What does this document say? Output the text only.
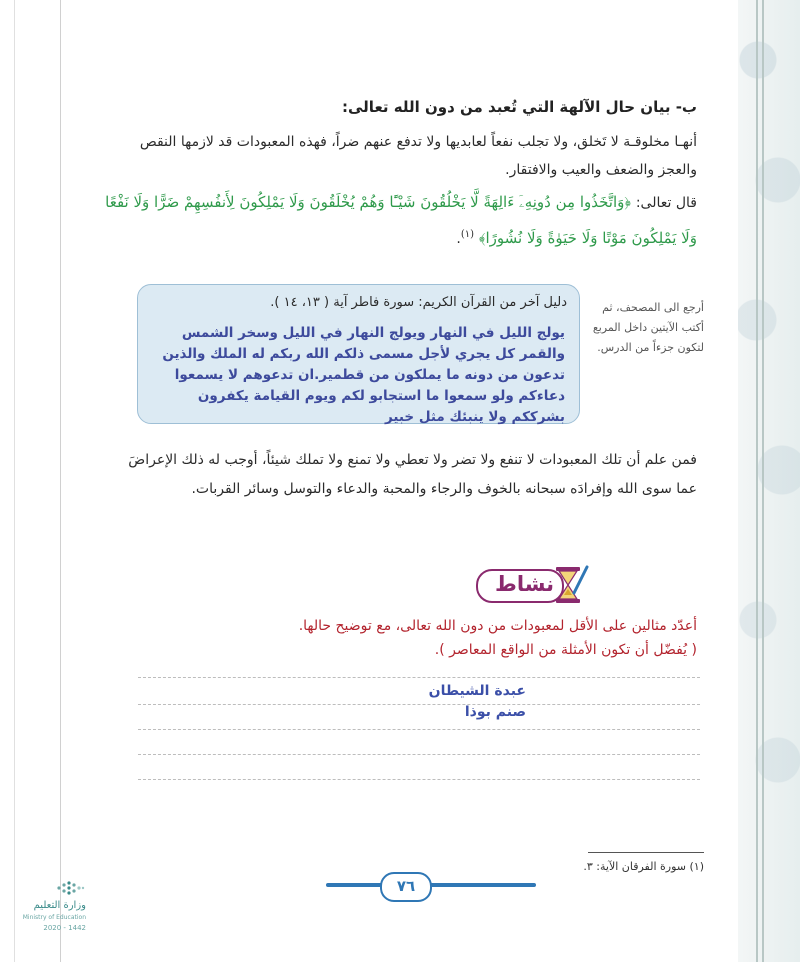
ب- بيان حال الآلهة التي تُعبد من دون الله تعالى:
أنهـا مخلوقـة لا تَخلق، ولا تجلب نفعاً لعابديها ولا تدفع عنهم ضراً، فهذه المعبودات قد لازمها النقص والعجز والضعف والعيب والافتقار.
قال تعالى: ﴿وَاتَّخَذُوا مِن دُونِهِۦٓ ءَالِهَةً لَّا يَخْلُقُونَ شَيْـًٔا وَهُمْ يُخْلَقُونَ وَلَا يَمْلِكُونَ لِأَنفُسِهِمْ ضَرًّا وَلَا نَفْعًا وَلَا يَمْلِكُونَ مَوْتًا وَلَا حَيَوٰةً وَلَا نُشُورًا﴾ $^{(١)}$.
أرجع الى المصحف، ثم أكتب الآيتين داخل المربع لتكون جزءاً من الدرس.
دليل آخر من القرآن الكريم: سورة فاطر آية ( ١٣، ١٤ ).
يولج الليل في النهار ويولج النهار في الليل وسخر الشمس والقمر كل يجري لأجل مسمى ذلكم الله ربكم له الملك والذين تدعون من دونه ما يملكون من قطمير.ان تدعوهم لا يسمعوا دعاءكم ولو سمعوا ما استجابو لكم ويوم القيامة يكفرون بشرككم ولا ينبئك مثل خبير
فمن علم أن تلك المعبودات لا تنفع ولا تضر ولا تعطي ولا تمنع ولا تملك شيئاً، أوجب له ذلك الإعراضَ عما سوى الله وإفرادَه سبحانه بالخوف والرجاء والمحبة والدعاء والتوسل وسائر القربات.
نشاط
أعدّد مثالين على الأقل لمعبودات من دون الله تعالى، مع توضيح حالها.
( يُفضّل أن تكون الأمثلة من الواقع المعاصر ).
عبدة الشيطان
صنم بوذا
(١) سورة الفرقان الآية: ٣.
٧٦
وزارة التعليم
Ministry of Education
2020 - 1442
